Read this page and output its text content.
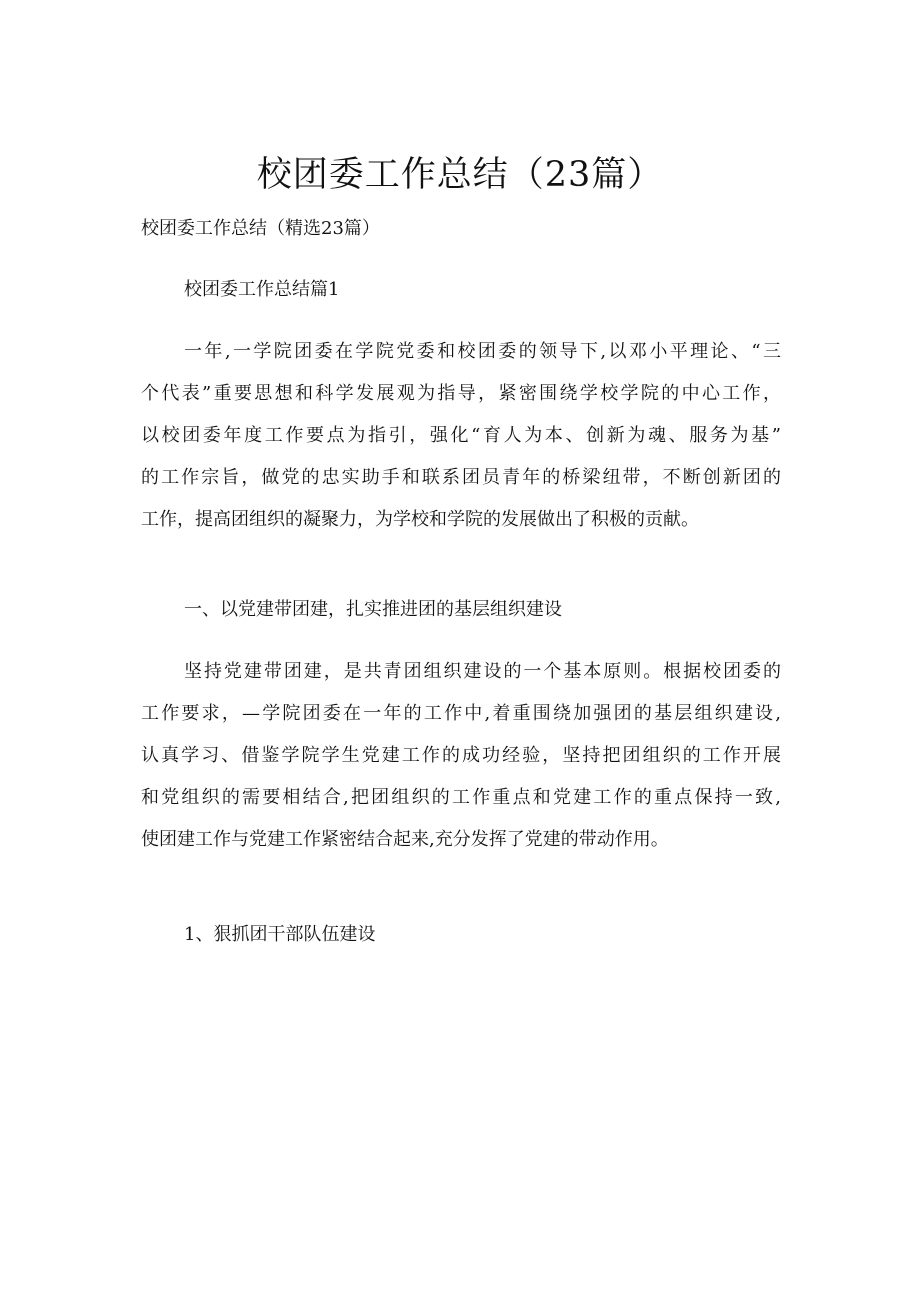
校团委工作总结（23篇）
校团委工作总结（精选23篇）
校团委工作总结篇1
一年,一学院团委在学院党委和校团委的领导下,以邓小平理论、“三
个代表”重要思想和科学发展观为指导，紧密围绕学校学院的中心工作，
以校团委年度工作要点为指引，强化“育人为本、创新为魂、服务为基”
的工作宗旨，做党的忠实助手和联系团员青年的桥梁纽带，不断创新团的
工作，提高团组织的凝聚力，为学校和学院的发展做出了积极的贡献。
一、以党建带团建，扎实推进团的基层组织建设
坚持党建带团建，是共青团组织建设的一个基本原则。根据校团委的
工作要求，—学院团委在一年的工作中,着重围绕加强团的基层组织建设,
认真学习、借鉴学院学生党建工作的成功经验，坚持把团组织的工作开展
和党组织的需要相结合,把团组织的工作重点和党建工作的重点保持一致,
使团建工作与党建工作紧密结合起来,充分发挥了党建的带动作用。
1、狠抓团干部队伍建设
